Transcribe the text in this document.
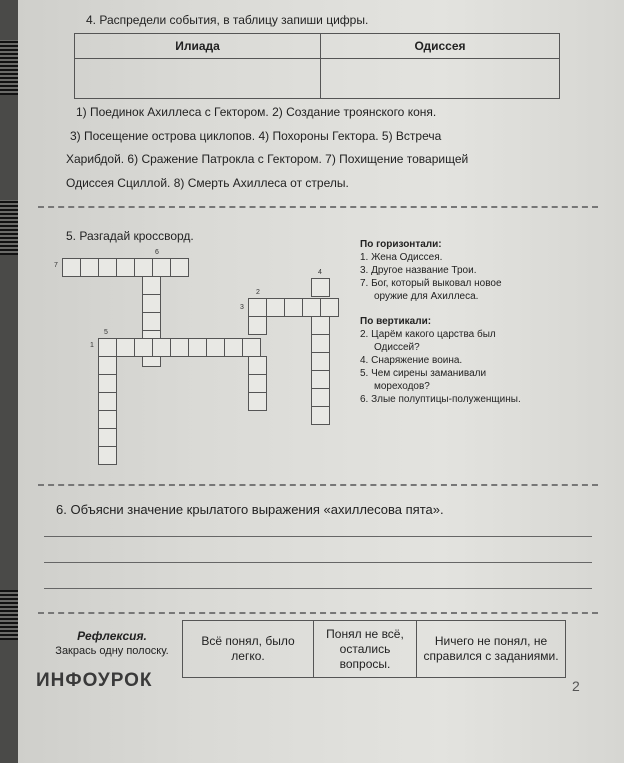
4. Распредели события, в таблицу запиши цифры.
Илиада	Одиссея

1) Поединок Ахиллеса с Гектором. 2) Создание троянского коня.
3) Посещение острова циклопов. 4) Похороны Гектора. 5) Встреча
Харибдой. 6) Сражение Патрокла с Гектором. 7) Похищение товарищей
Одиссея Сциллой. 8) Смерть Ахиллеса от стрелы.
5. Разгадай кроссворд.
7
6
4
2
3
5
1
По горизонтали:
1. Жена Одиссея.
3. Другое название Трои.
7. Бог, который выковал новое
оружие для Ахиллеса.
По вертикали:
2. Царём какого царства был
Одиссей?
4. Снаряжение воина.
5. Чем сирены заманивали
мореходов?
6. Злые полуптицы-полуженщины.
6. Объясни значение крылатого выражения «ахиллесова пята».
Рефлексия.
Закрась одну полоску.
Всё понял, было легко.	Понял не всё, остались вопросы.	Ничего не понял, не справился с заданиями.
ИНФОУРОК	2
